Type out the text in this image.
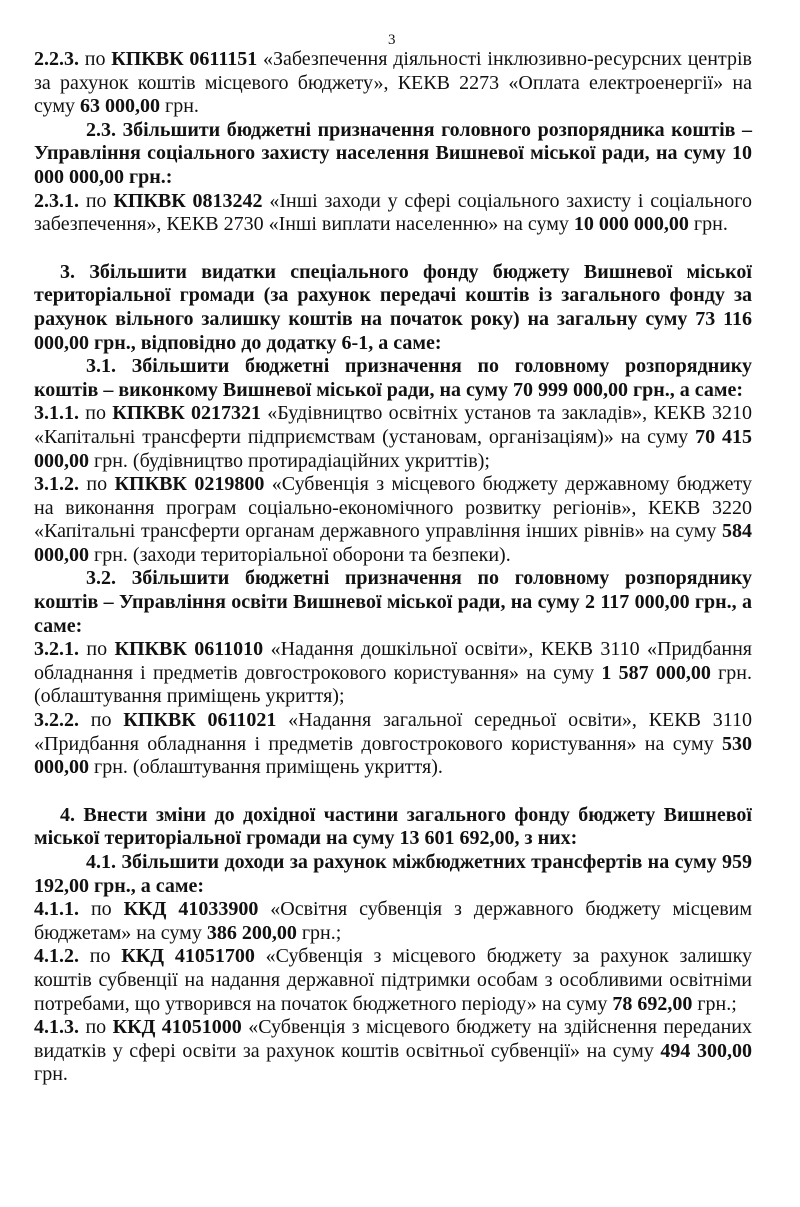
3

2.2.3. по КПКВК 0611151 «Забезпечення діяльності інклюзивно-ресурсних центрів за рахунок коштів місцевого бюджету», КЕКВ 2273 «Оплата електроенергії» на суму 63 000,00 грн.

2.3. Збільшити бюджетні призначення головного розпорядника коштів – Управління соціального захисту населення Вишневої міської ради, на суму 10 000 000,00 грн.:

2.3.1. по КПКВК 0813242 «Інші заходи у сфері соціального захисту і соціального забезпечення», КЕКВ 2730 «Інші виплати населенню» на суму 10 000 000,00 грн.

3. Збільшити видатки спеціального фонду бюджету Вишневої міської територіальної громади (за рахунок передачі коштів із загального фонду за рахунок вільного залишку коштів на початок року) на загальну суму 73 116 000,00 грн., відповідно до додатку 6-1, а саме:

3.1. Збільшити бюджетні призначення по головному розпоряднику коштів – виконкому Вишневої міської ради, на суму 70 999 000,00 грн., а саме:

3.1.1. по КПКВК 0217321 «Будівництво освітніх установ та закладів», КЕКВ 3210 «Капітальні трансферти підприємствам (установам, організаціям)» на суму 70 415 000,00 грн. (будівництво протирадіаційних укриттів);

3.1.2. по КПКВК 0219800 «Субвенція з місцевого бюджету державному бюджету на виконання програм соціально-економічного розвитку регіонів», КЕКВ 3220 «Капітальні трансферти органам державного управління інших рівнів» на суму 584 000,00 грн. (заходи територіальної оборони та безпеки).

3.2. Збільшити бюджетні призначення по головному розпоряднику коштів – Управління освіти Вишневої міської ради, на суму 2 117 000,00 грн., а саме:

3.2.1. по КПКВК 0611010 «Надання дошкільної освіти», КЕКВ 3110 «Придбання обладнання і предметів довгострокового користування» на суму 1 587 000,00 грн. (облаштування приміщень укриття);

3.2.2. по КПКВК 0611021 «Надання загальної середньої освіти», КЕКВ 3110 «Придбання обладнання і предметів довгострокового користування» на суму 530 000,00 грн. (облаштування приміщень укриття).

4. Внести зміни до дохідної частини загального фонду бюджету Вишневої міської територіальної громади на суму 13 601 692,00, з них:

4.1. Збільшити доходи за рахунок міжбюджетних трансфертів на суму 959 192,00 грн., а саме:

4.1.1. по ККД 41033900 «Освітня субвенція з державного бюджету місцевим бюджетам» на суму 386 200,00 грн.;

4.1.2. по ККД 41051700 «Субвенція з місцевого бюджету за рахунок залишку коштів субвенції на надання державної підтримки особам з особливими освітніми потребами, що утворився на початок бюджетного періоду» на суму 78 692,00 грн.;

4.1.3. по ККД 41051000 «Субвенція з місцевого бюджету на здійснення переданих видатків у сфері освіти за рахунок коштів освітньої субвенції» на суму 494 300,00 грн.
